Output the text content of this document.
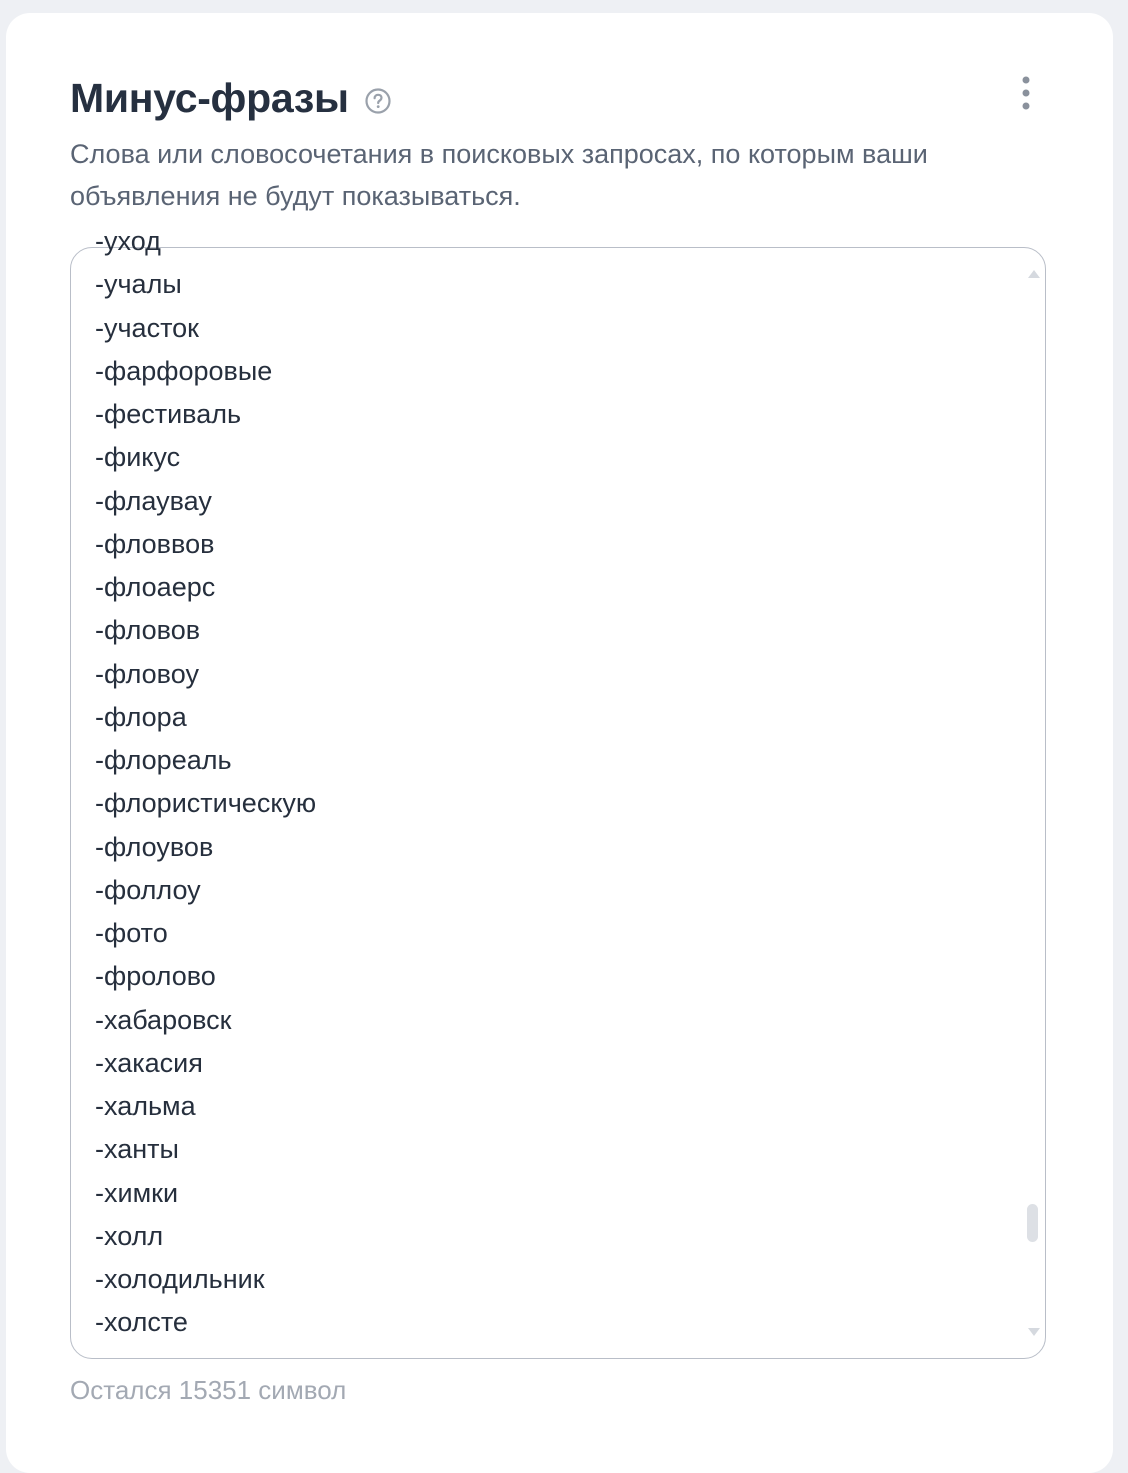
Минус-фразы
Слова или словосочетания в поисковых запросах, по которым ваши объявления не будут показываться.
-уход
-учалы
-участок
-фарфоровые
-фестиваль
-фикус
-флаувау
-фловвов
-флоаерс
-фловов
-фловоу
-флора
-флореаль
-флористическую
-флоувов
-фоллоу
-фото
-фролово
-хабаровск
-хакасия
-хальма
-ханты
-химки
-холл
-холодильник
-холсте
Остался 15351 символ
